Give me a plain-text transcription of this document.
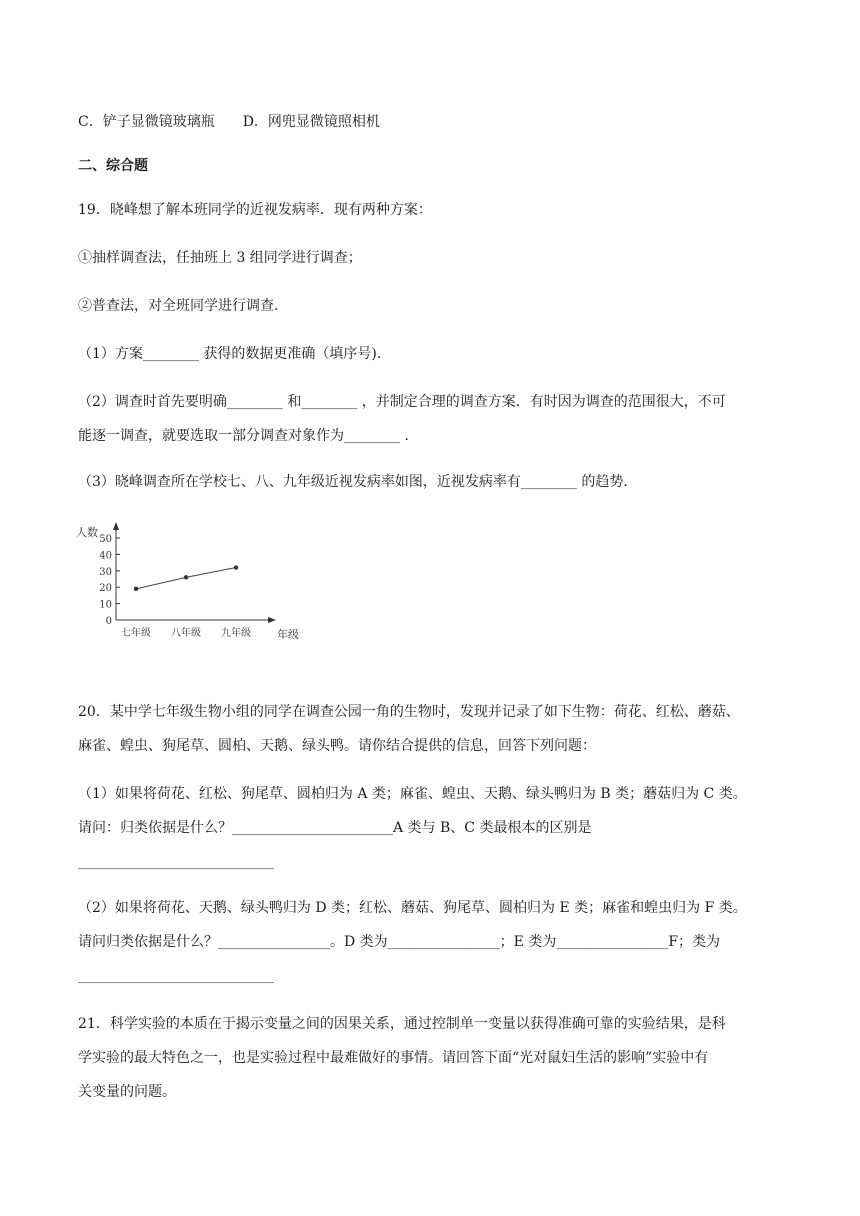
C．铲子显微镜玻璃瓶　　D．网兜显微镜照相机
二、综合题
19．晓峰想了解本班同学的近视发病率．现有两种方案：
①抽样调查法，任抽班上 3 组同学进行调查；
②普查法，对全班同学进行调查．
（1）方案________ 获得的数据更准确（填序号).
（2）调查时首先要明确________ 和________ ，并制定合理的调查方案．有时因为调查的范围很大，不可
能逐一调查，就要选取一部分调查对象作为________ ．
（3）晓峰调查所在学校七、八、九年级近视发病率如图，近视发病率有________ 的趋势．
人数
年级
0
10
20
30
40
50
七年级 八年级 九年级
20．某中学七年级生物小组的同学在调查公园一角的生物时，发现并记录了如下生物：荷花、红松、蘑菇、
麻雀、蝗虫、狗尾草、圆柏、天鹅、绿头鸭。请你结合提供的信息，回答下列问题：
（1）如果将荷花、红松、狗尾草、圆柏归为 A 类；麻雀、蝗虫、天鹅、绿头鸭归为 B 类；蘑菇归为 C 类。
请问：归类依据是什么？_______________________A 类与 B、C 类最根本的区别是
____________________________
（2）如果将荷花、天鹅、绿头鸭归为 D 类；红松、蘑菇、狗尾草、圆柏归为 E 类；麻雀和蝗虫归为 F 类。
请问归类依据是什么？________________。D 类为________________；E 类为________________F；类为
____________________________
21．科学实验的本质在于揭示变量之间的因果关系，通过控制单一变量以获得准确可靠的实验结果，是科
学实验的最大特色之一，也是实验过程中最难做好的事情。请回答下面“光对鼠妇生活的影响”实验中有
关变量的问题。
